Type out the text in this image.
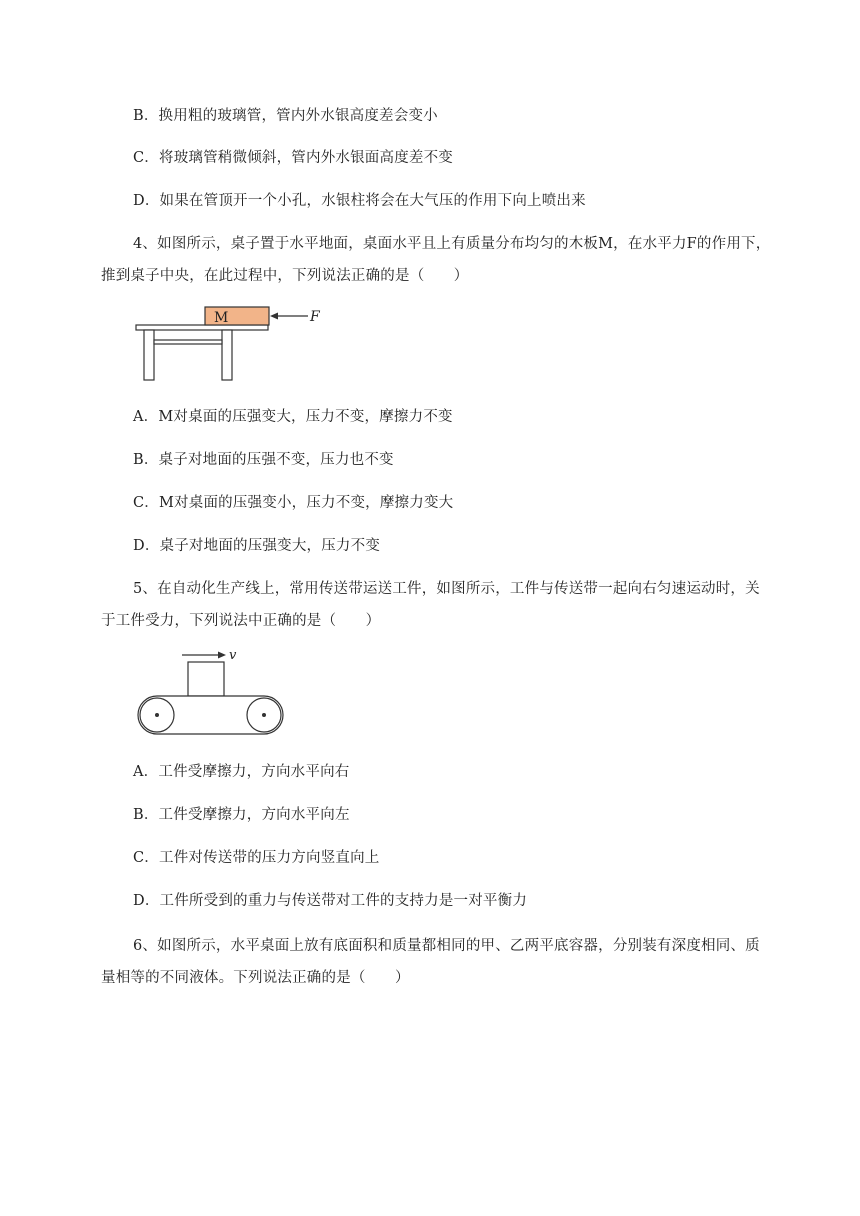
B．换用粗的玻璃管，管内外水银高度差会变小
C．将玻璃管稍微倾斜，管内外水银面高度差不变
D．如果在管顶开一个小孔，水银柱将会在大气压的作用下向上喷出来
4、如图所示，桌子置于水平地面，桌面水平且上有质量分布均匀的木板M，在水平力F的作用下，
推到桌子中央，在此过程中，下列说法正确的是（　　）
M	F
A．M对桌面的压强变大，压力不变，摩擦力不变
B．桌子对地面的压强不变，压力也不变
C．M对桌面的压强变小，压力不变，摩擦力变大
D．桌子对地面的压强变大，压力不变
5、在自动化生产线上，常用传送带运送工件，如图所示，工件与传送带一起向右匀速运动时，关
于工件受力，下列说法中正确的是（　　）
v
A．工件受摩擦力，方向水平向右
B．工件受摩擦力，方向水平向左
C．工件对传送带的压力方向竖直向上
D．工件所受到的重力与传送带对工件的支持力是一对平衡力
6、如图所示，水平桌面上放有底面积和质量都相同的甲、乙两平底容器，分别装有深度相同、质
量相等的不同液体。下列说法正确的是（　　）
